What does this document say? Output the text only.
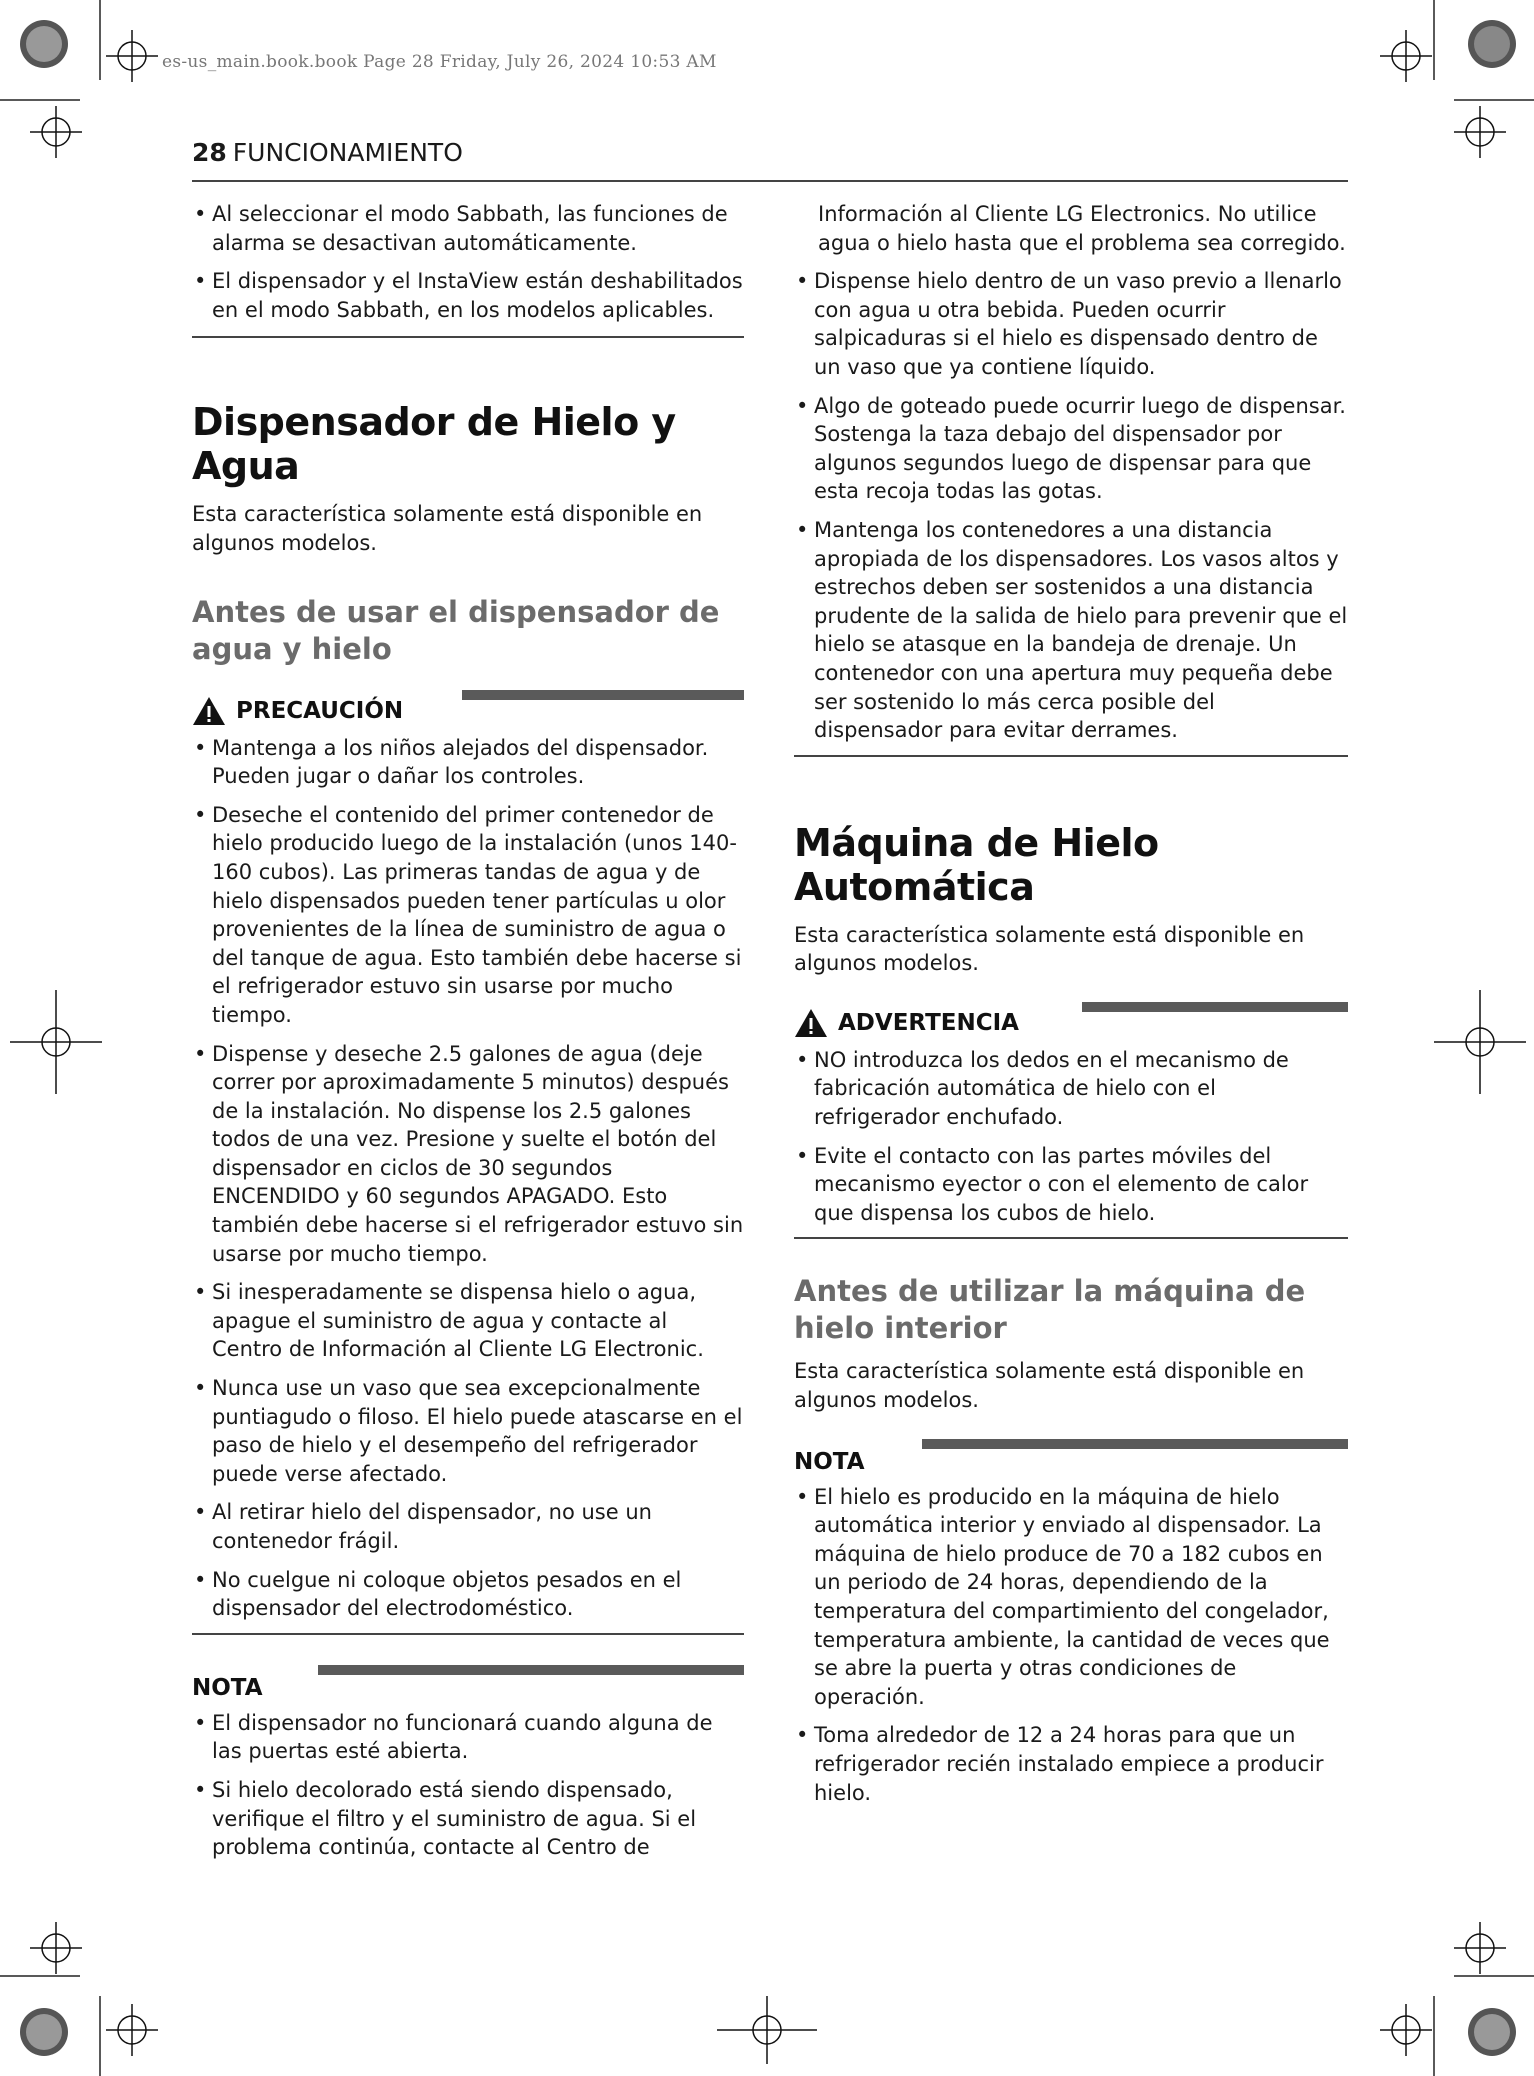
es-us_main.book.book Page 28 Friday, July 26, 2024 10:53 AM
28 FUNCIONAMIENTO
• Al seleccionar el modo Sabbath, las funciones de alarma se desactivan automáticamente.
• El dispensador y el InstaView están deshabilitados en el modo Sabbath, en los modelos aplicables.
Dispensador de Hielo y Agua

Esta característica solamente está disponible en algunos modelos.

Antes de usar el dispensador de agua y hielo
PRECAUCIÓN
• Mantenga a los niños alejados del dispensador. Pueden jugar o dañar los controles.
• Deseche el contenido del primer contenedor de hielo producido luego de la instalación (unos 140-160 cubos). Las primeras tandas de agua y de hielo dispensados pueden tener partículas u olor provenientes de la línea de suministro de agua o del tanque de agua. Esto también debe hacerse si el refrigerador estuvo sin usarse por mucho tiempo.
• Dispense y deseche 2.5 galones de agua (deje correr por aproximadamente 5 minutos) después de la instalación. No dispense los 2.5 galones todos de una vez. Presione y suelte el botón del dispensador en ciclos de 30 segundos ENCENDIDO y 60 segundos APAGADO. Esto también debe hacerse si el refrigerador estuvo sin usarse por mucho tiempo.
• Si inesperadamente se dispensa hielo o agua, apague el suministro de agua y contacte al Centro de Información al Cliente LG Electronic.
• Nunca use un vaso que sea excepcionalmente puntiagudo o filoso. El hielo puede atascarse en el paso de hielo y el desempeño del refrigerador puede verse afectado.
• Al retirar hielo del dispensador, no use un contenedor frágil.
• No cuelgue ni coloque objetos pesados en el dispensador del electrodoméstico.
NOTA
• El dispensador no funcionará cuando alguna de las puertas esté abierta.
• Si hielo decolorado está siendo dispensado, verifique el filtro y el suministro de agua. Si el problema continúa, contacte al Centro de
Información al Cliente LG Electronics. No utilice agua o hielo hasta que el problema sea corregido.
• Dispense hielo dentro de un vaso previo a llenarlo con agua u otra bebida. Pueden ocurrir salpicaduras si el hielo es dispensado dentro de un vaso que ya contiene líquido.
• Algo de goteado puede ocurrir luego de dispensar. Sostenga la taza debajo del dispensador por algunos segundos luego de dispensar para que esta recoja todas las gotas.
• Mantenga los contenedores a una distancia apropiada de los dispensadores. Los vasos altos y estrechos deben ser sostenidos a una distancia prudente de la salida de hielo para prevenir que el hielo se atasque en la bandeja de drenaje. Un contenedor con una apertura muy pequeña debe ser sostenido lo más cerca posible del dispensador para evitar derrames.
Máquina de Hielo Automática

Esta característica solamente está disponible en algunos modelos.

ADVERTENCIA
• NO introduzca los dedos en el mecanismo de fabricación automática de hielo con el refrigerador enchufado.
• Evite el contacto con las partes móviles del mecanismo eyector o con el elemento de calor que dispensa los cubos de hielo.
Antes de utilizar la máquina de hielo interior

Esta característica solamente está disponible en algunos modelos.

NOTA
• El hielo es producido en la máquina de hielo automática interior y enviado al dispensador. La máquina de hielo produce de 70 a 182 cubos en un periodo de 24 horas, dependiendo de la temperatura del compartimiento del congelador, temperatura ambiente, la cantidad de veces que se abre la puerta y otras condiciones de operación.
• Toma alrededor de 12 a 24 horas para que un refrigerador recién instalado empiece a producir hielo.
